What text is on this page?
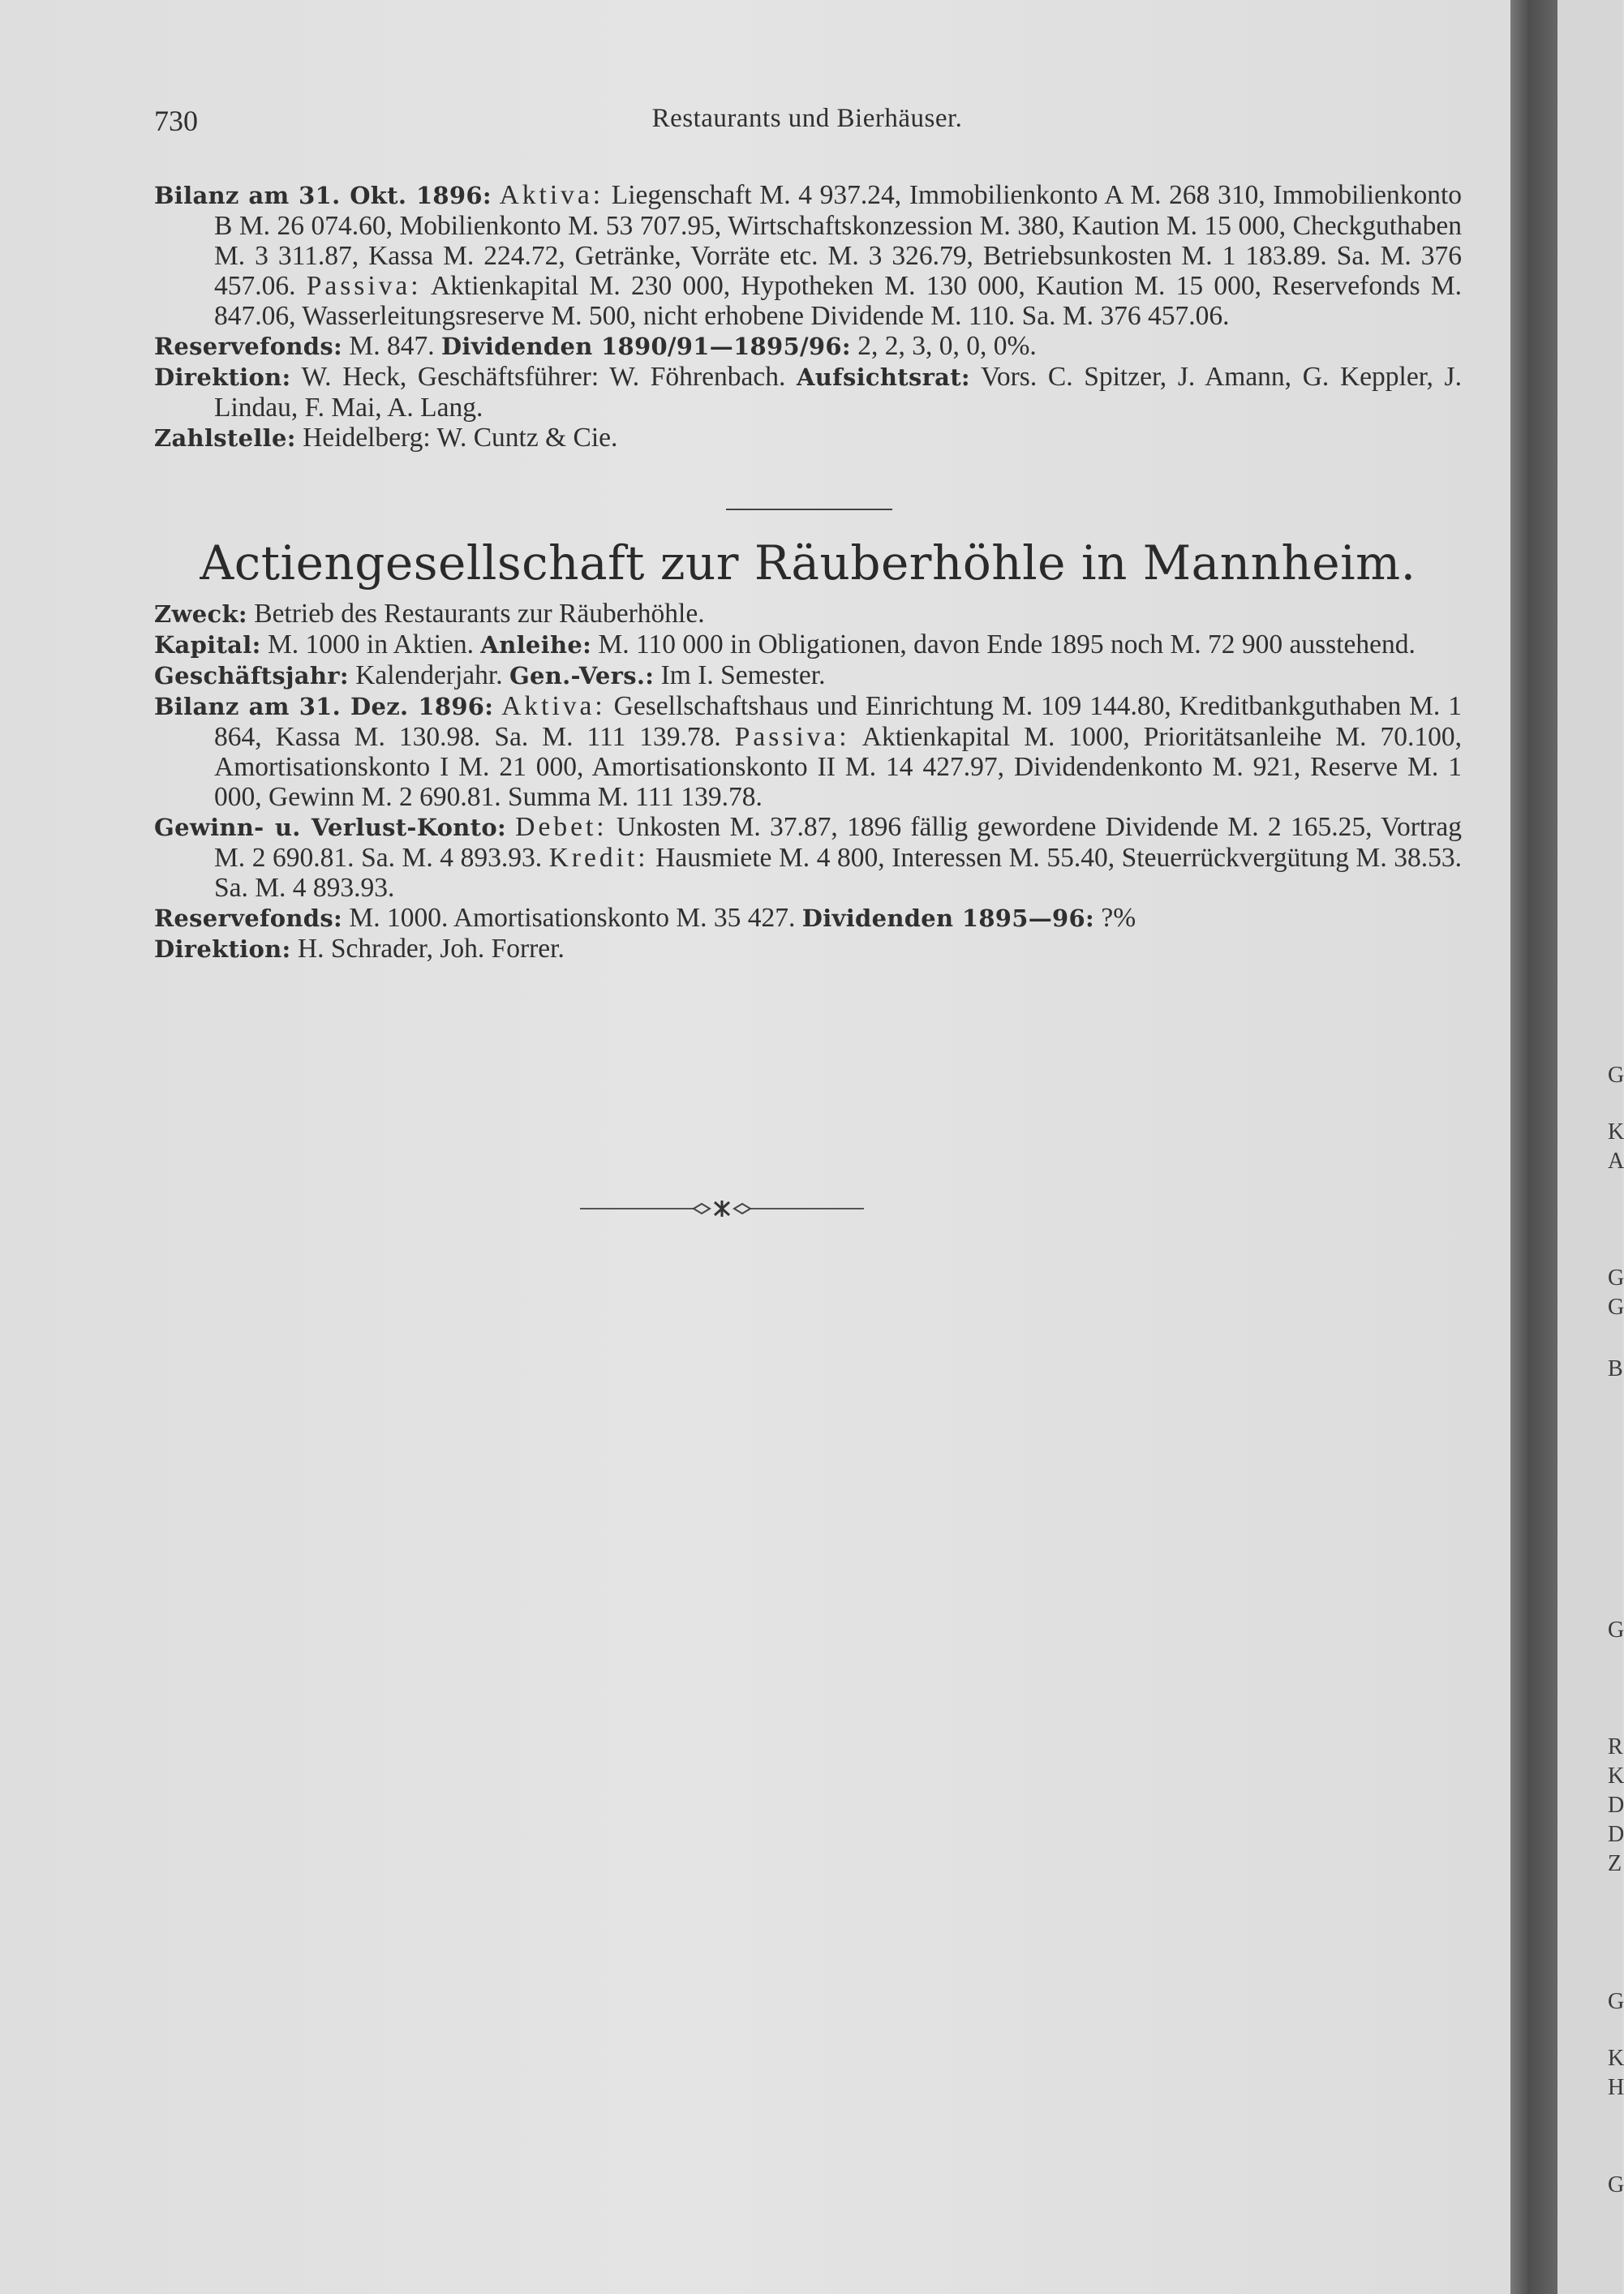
730	Restaurants und Bierhäuser.
Bilanz am 31. Okt. 1896: Aktiva: Liegenschaft M. 4 937.24, Immobilienkonto A M. 268 310, Immobilienkonto B M. 26 074.60, Mobilienkonto M. 53 707.95, Wirtschaftskonzession M. 380, Kaution M. 15 000, Checkguthaben M. 3 311.87, Kassa M. 224.72, Getränke, Vorräte etc. M. 3 326.79, Betriebsunkosten M. 1 183.89. Sa. M. 376 457.06. Passiva: Aktienkapital M. 230 000, Hypotheken M. 130 000, Kaution M. 15 000, Reservefonds M. 847.06, Wasserleitungsreserve M. 500, nicht erhobene Dividende M. 110. Sa. M. 376 457.06.
Reservefonds: M. 847. Dividenden 1890/91—1895/96: 2, 2, 3, 0, 0, 0%.
Direktion: W. Heck, Geschäftsführer: W. Föhrenbach. Aufsichtsrat: Vors. C. Spitzer, J. Amann, G. Keppler, J. Lindau, F. Mai, A. Lang.
Zahlstelle: Heidelberg: W. Cuntz & Cie.
Actiengesellschaft zur Räuberhöhle in Mannheim.
Zweck: Betrieb des Restaurants zur Räuberhöhle.
Kapital: M. 1000 in Aktien. Anleihe: M. 110 000 in Obligationen, davon Ende 1895 noch M. 72 900 ausstehend.
Geschäftsjahr: Kalenderjahr. Gen.-Vers.: Im I. Semester.
Bilanz am 31. Dez. 1896: Aktiva: Gesellschaftshaus und Einrichtung M. 109 144.80, Kreditbankguthaben M. 1 864, Kassa M. 130.98. Sa. M. 111 139.78. Passiva: Aktienkapital M. 1000, Prioritätsanleihe M. 70.100, Amortisationskonto I M. 21 000, Amortisationskonto II M. 14 427.97, Dividendenkonto M. 921, Reserve M. 1 000, Gewinn M. 2 690.81. Summa M. 111 139.78.
Gewinn- u. Verlust-Konto: Debet: Unkosten M. 37.87, 1896 fällig gewordene Dividende M. 2 165.25, Vortrag M. 2 690.81. Sa. M. 4 893.93. Kredit: Hausmiete M. 4 800, Interessen M. 55.40, Steuerrückvergütung M. 38.53. Sa. M. 4 893.93.
Reservefonds: M. 1000. Amortisationskonto M. 35 427. Dividenden 1895—96: ?%
Direktion: H. Schrader, Joh. Forrer.
G
K
A
G
G
B
G
R
K
D
D
Z
G
K
H
G
